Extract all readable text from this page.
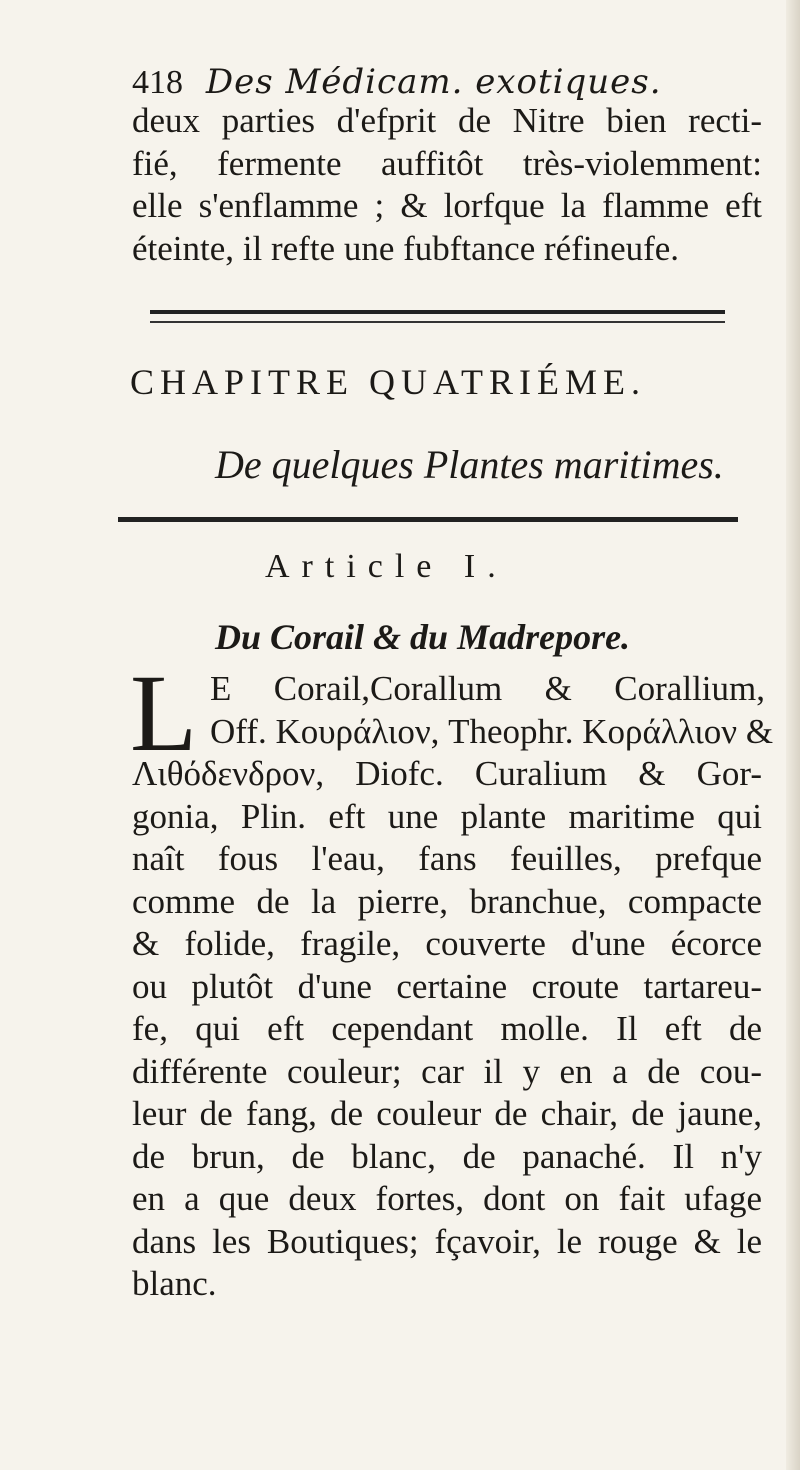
418 Des Médicam. exotiques.
deux parties d'efprit de Nitre bien recti-
fié, fermente auffitôt très-violemment:
elle s'enflamme ; & lorfque la flamme eft
éteinte, il refte une fubftance réfineufe.
CHAPITRE QUATRIÉME.
De quelques Plantes maritimes.
Article I.
Du Corail & du Madrepore.
L E Corail,Corallum & Corallium,
Off. Κουράλιον, Theophr. Κοράλλιον &
Λιθόδενδρον, Diofc. Curalium & Gor-
gonia, Plin. eft une plante maritime qui
naît fous l'eau, fans feuilles, prefque
comme de la pierre, branchue, compacte
& folide, fragile, couverte d'une écorce
ou plutôt d'une certaine croute tartareu-
fe, qui eft cependant molle. Il eft de
différente couleur; car il y en a de cou-
leur de fang, de couleur de chair, de jaune,
de brun, de blanc, de panaché. Il n'y
en a que deux fortes, dont on fait ufage
dans les Boutiques; fçavoir, le rouge & le
blanc.
